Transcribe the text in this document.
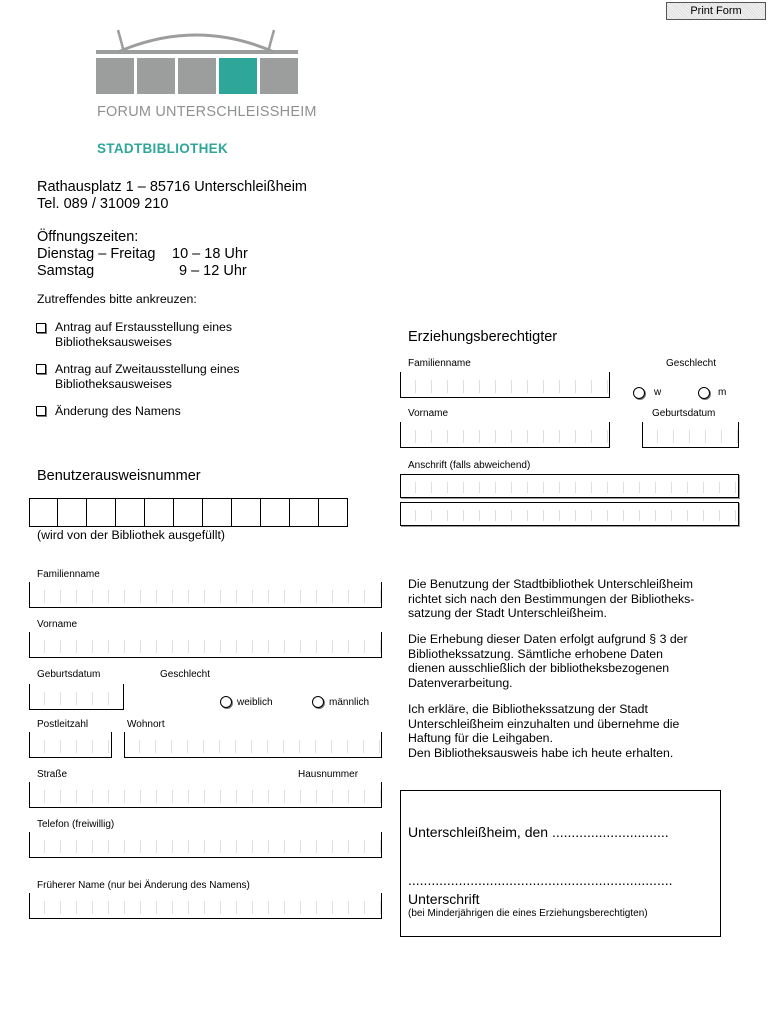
Print Form
FORUM UNTERSCHLEISSHEIM
STADTBIBLIOTHEK
Rathausplatz 1 – 85716 Unterschleißheim
Tel. 089 / 31009 210
Öffnungszeiten:
Dienstag – Freitag 10 – 18 Uhr
Samstag	9 – 12 Uhr
Zutreffendes bitte ankreuzen:
Antrag auf Erstausstellung eines
Bibliotheksausweises
Antrag auf Zweitausstellung eines
Bibliotheksausweises
Änderung des Namens
Benutzerausweisnummer
(wird von der Bibliothek ausgefüllt)
Familienname
Vorname
Geburtsdatum	Geschlecht
weiblich	männlich
Postleitzahl	Wohnort
Straße	Hausnummer
Telefon (freiwillig)
Früherer Name (nur bei Änderung des Namens)
Erziehungsberechtigter
Familienname	Geschlecht
w	m
Vorname	Geburtsdatum
Anschrift (falls abweichend)
Die Benutzung der Stadtbibliothek Unterschleißheim
richtet sich nach den Bestimmungen der Bibliotheks-
satzung der Stadt Unterschleißheim.
Die Erhebung dieser Daten erfolgt aufgrund § 3 der
Bibliothekssatzung. Sämtliche erhobene Daten
dienen ausschließlich der bibliotheksbezogenen
Datenverarbeitung.
Ich erkläre, die Bibliothekssatzung der Stadt
Unterschleißheim einzuhalten und übernehme die
Haftung für die Leihgaben.
Den Bibliotheksausweis habe ich heute erhalten.
Unterschleißheim, den ..............................
....................................................................
Unterschrift
(bei Minderjährigen die eines Erziehungsberechtigten)
